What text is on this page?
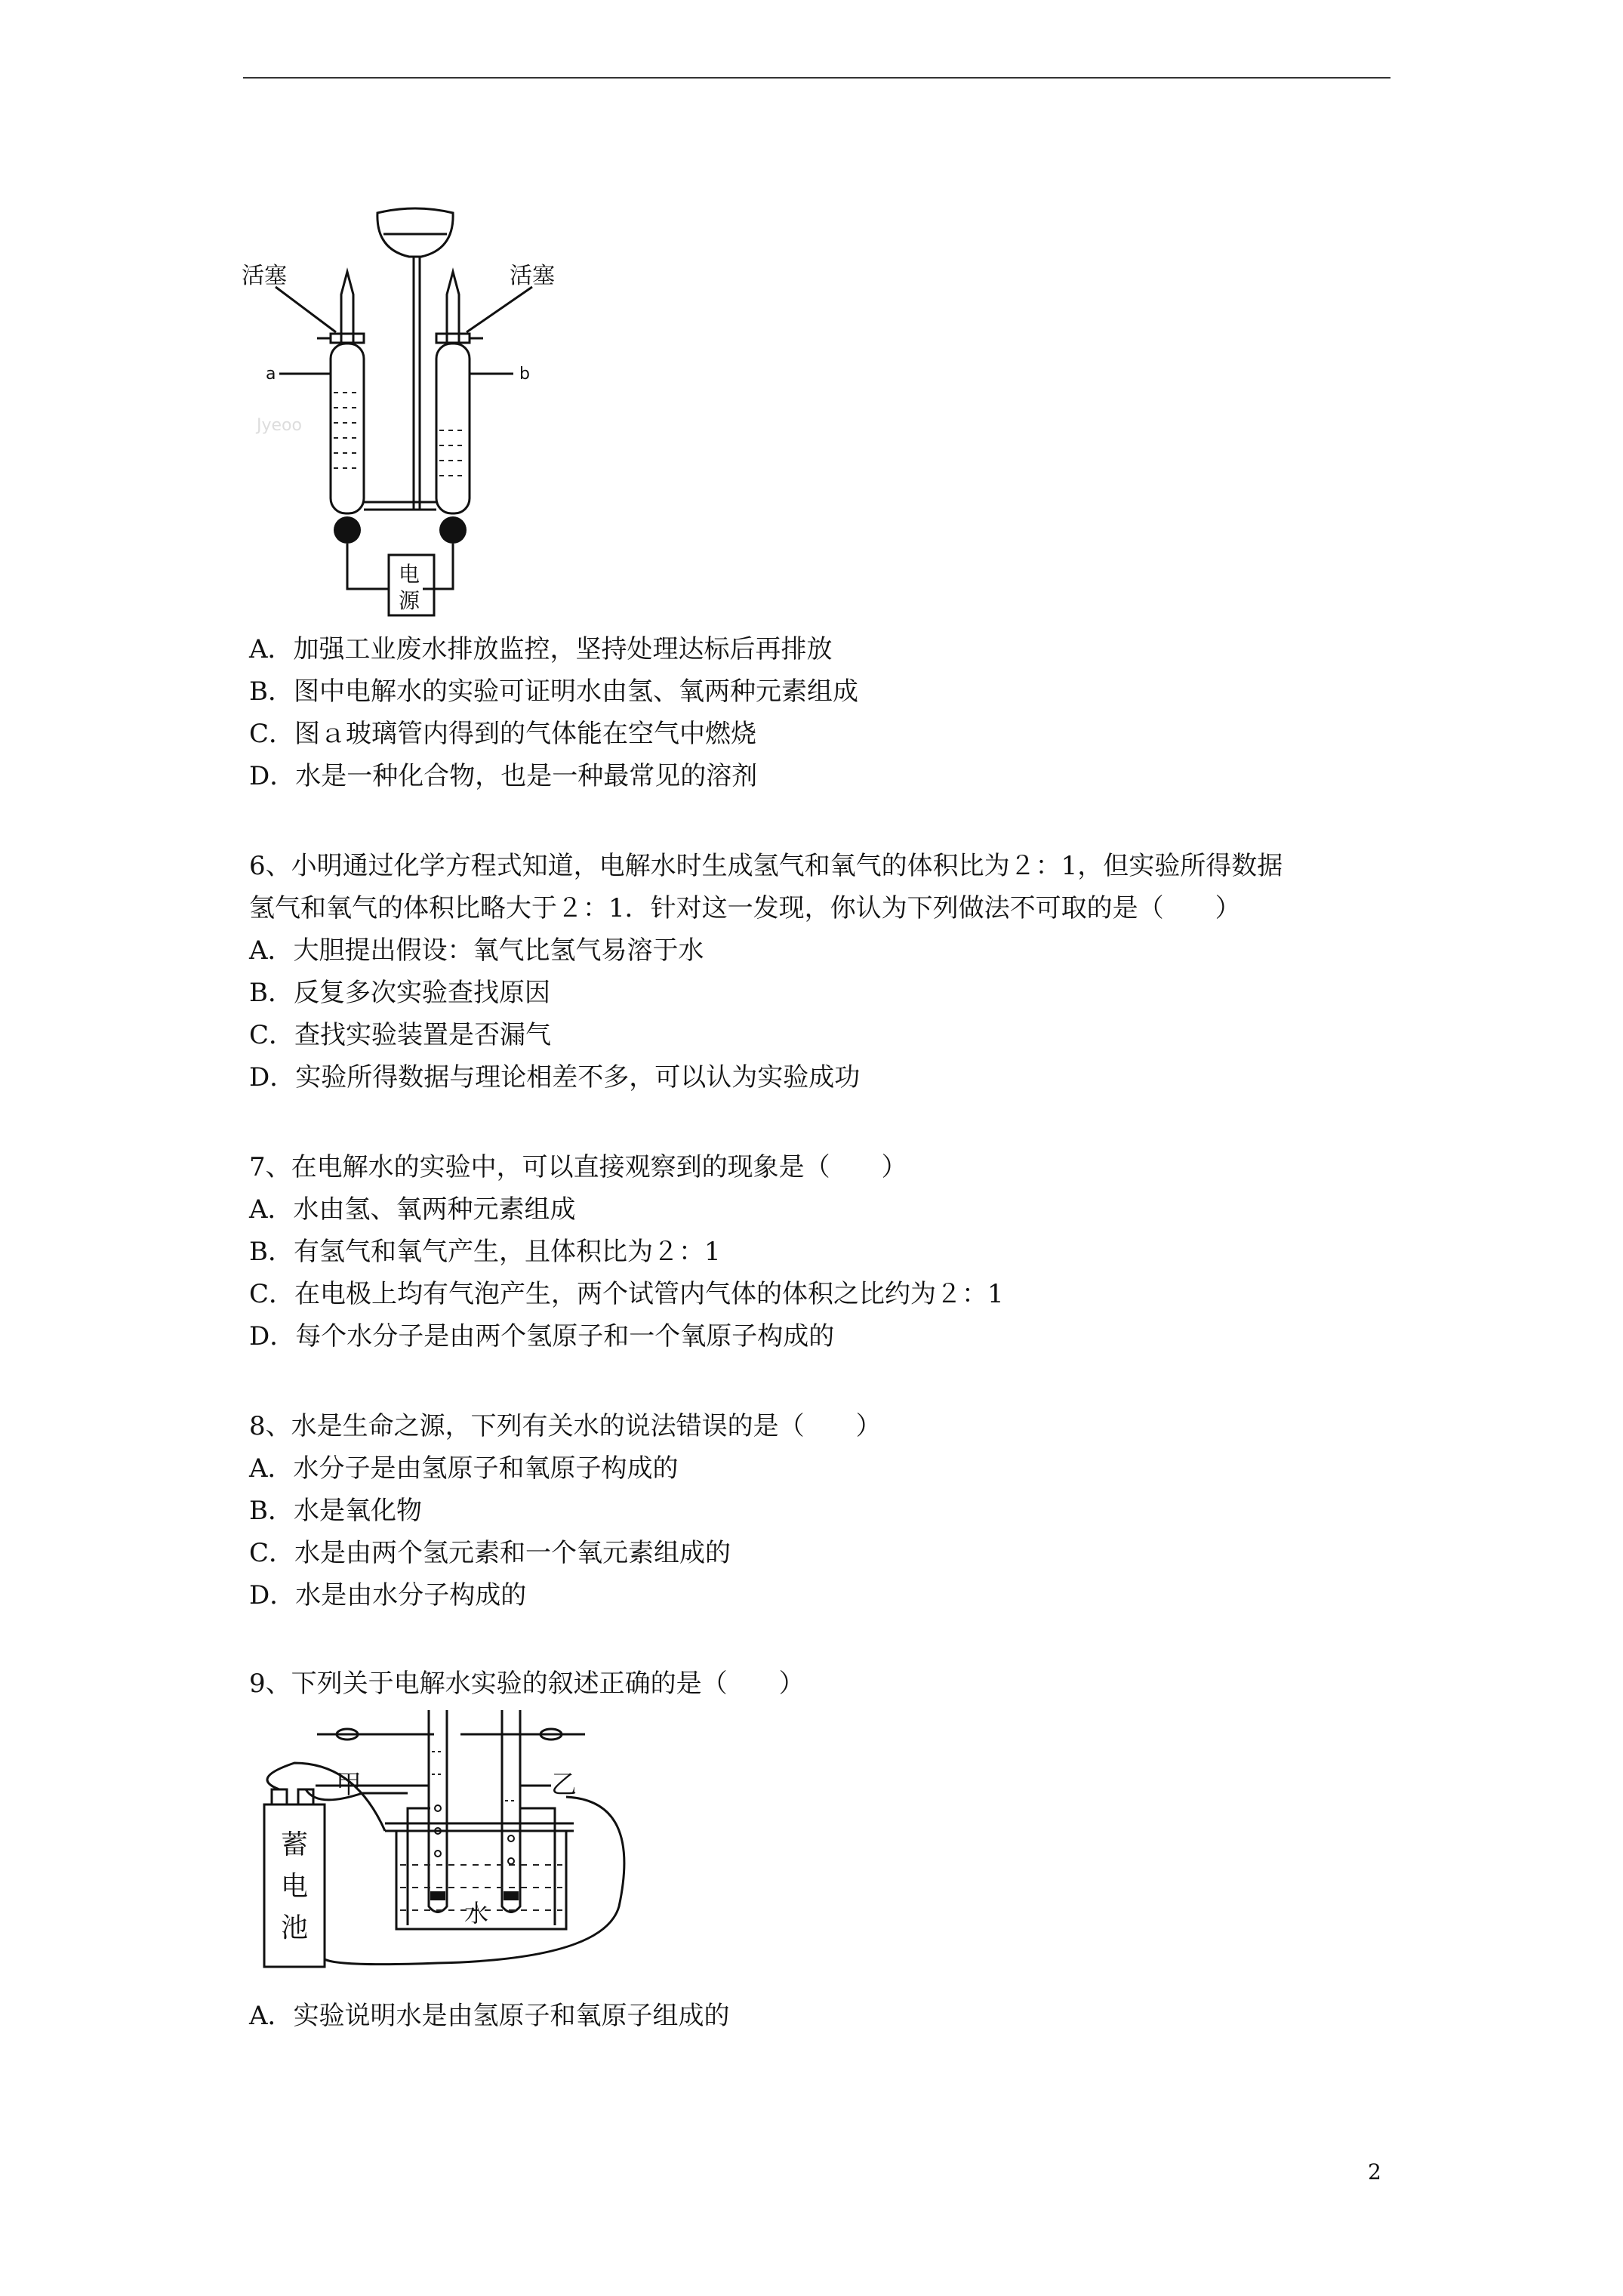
活塞	活塞
a	b
Jyeoo
电
源
A．加强工业废水排放监控，坚持处理达标后再排放
B．图中电解水的实验可证明水由氢、氧两种元素组成
C．图ａ玻璃管内得到的气体能在空气中燃烧
D．水是一种化合物，也是一种最常见的溶剂
6、小明通过化学方程式知道，电解水时生成氢气和氧气的体积比为２：1，但实验所得数据
氢气和氧气的体积比略大于２：1．针对这一发现，你认为下列做法不可取的是（　　）
A．大胆提出假设：氧气比氢气易溶于水
B．反复多次实验查找原因
C．查找实验装置是否漏气
D．实验所得数据与理论相差不多，可以认为实验成功
7、在电解水的实验中，可以直接观察到的现象是（　　）
A．水由氢、氧两种元素组成
B．有氢气和氧气产生，且体积比为２：1
C．在电极上均有气泡产生，两个试管内气体的体积之比约为２：1
D．每个水分子是由两个氢原子和一个氧原子构成的
8、水是生命之源，下列有关水的说法错误的是（　　）
A．水分子是由氢原子和氧原子构成的
B．水是氧化物
C．水是由两个氢元素和一个氧元素组成的
D．水是由水分子构成的
9、下列关于电解水实验的叙述正确的是（　　）
甲	乙
水
蓄
电
池
A．实验说明水是由氢原子和氧原子组成的
2
